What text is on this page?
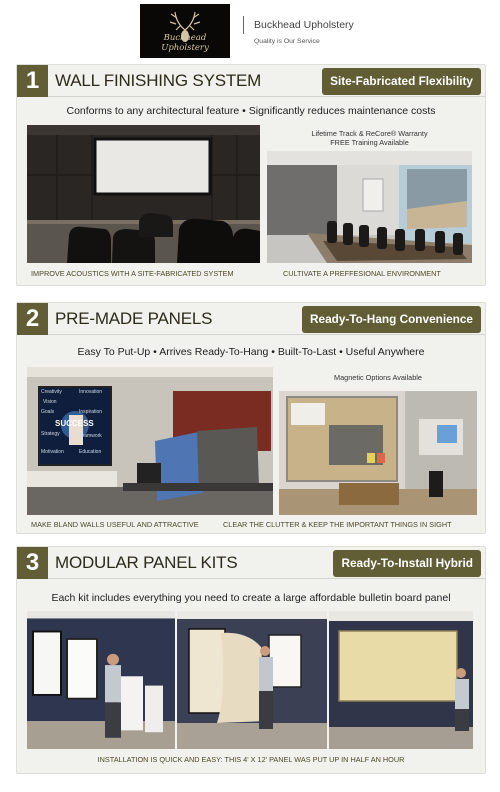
Buckhead Upholstery
Buckhead Upholstery
Quality is Our Service
1 WALL FINISHING SYSTEM	Site-Fabricated Flexibility
Conforms to any architectural feature • Significantly reduces maintenance costs
Lifetime Track & ReCore® Warranty
FREE Training Available
IMPROVE ACOUSTICS WITH A SITE-FABRICATED SYSTEM	CULTIVATE A PREFFESIONAL ENVIRONMENT
2 PRE-MADE PANELS	Ready-To-Hang Convenience
Easy To Put-Up • Arrives Ready-To-Hang • Built-To-Last • Useful Anywhere
Creativity	Innovation
Vision
Goals	Inspiration
SUCCESS
Strategy	Teamwork
Motivation	Education
Magnetic Options Available
MAKE BLAND WALLS USEFUL AND ATTRACTIVE	CLEAR THE CLUTTER & KEEP THE IMPORTANT THINGS IN SIGHT
3 MODULAR PANEL KITS	Ready-To-Install Hybrid
Each kit includes everything you need to create a large affordable bulletin board panel
INSTALLATION IS QUICK AND EASY: THIS 4' X 12' PANEL WAS PUT UP IN HALF AN HOUR
